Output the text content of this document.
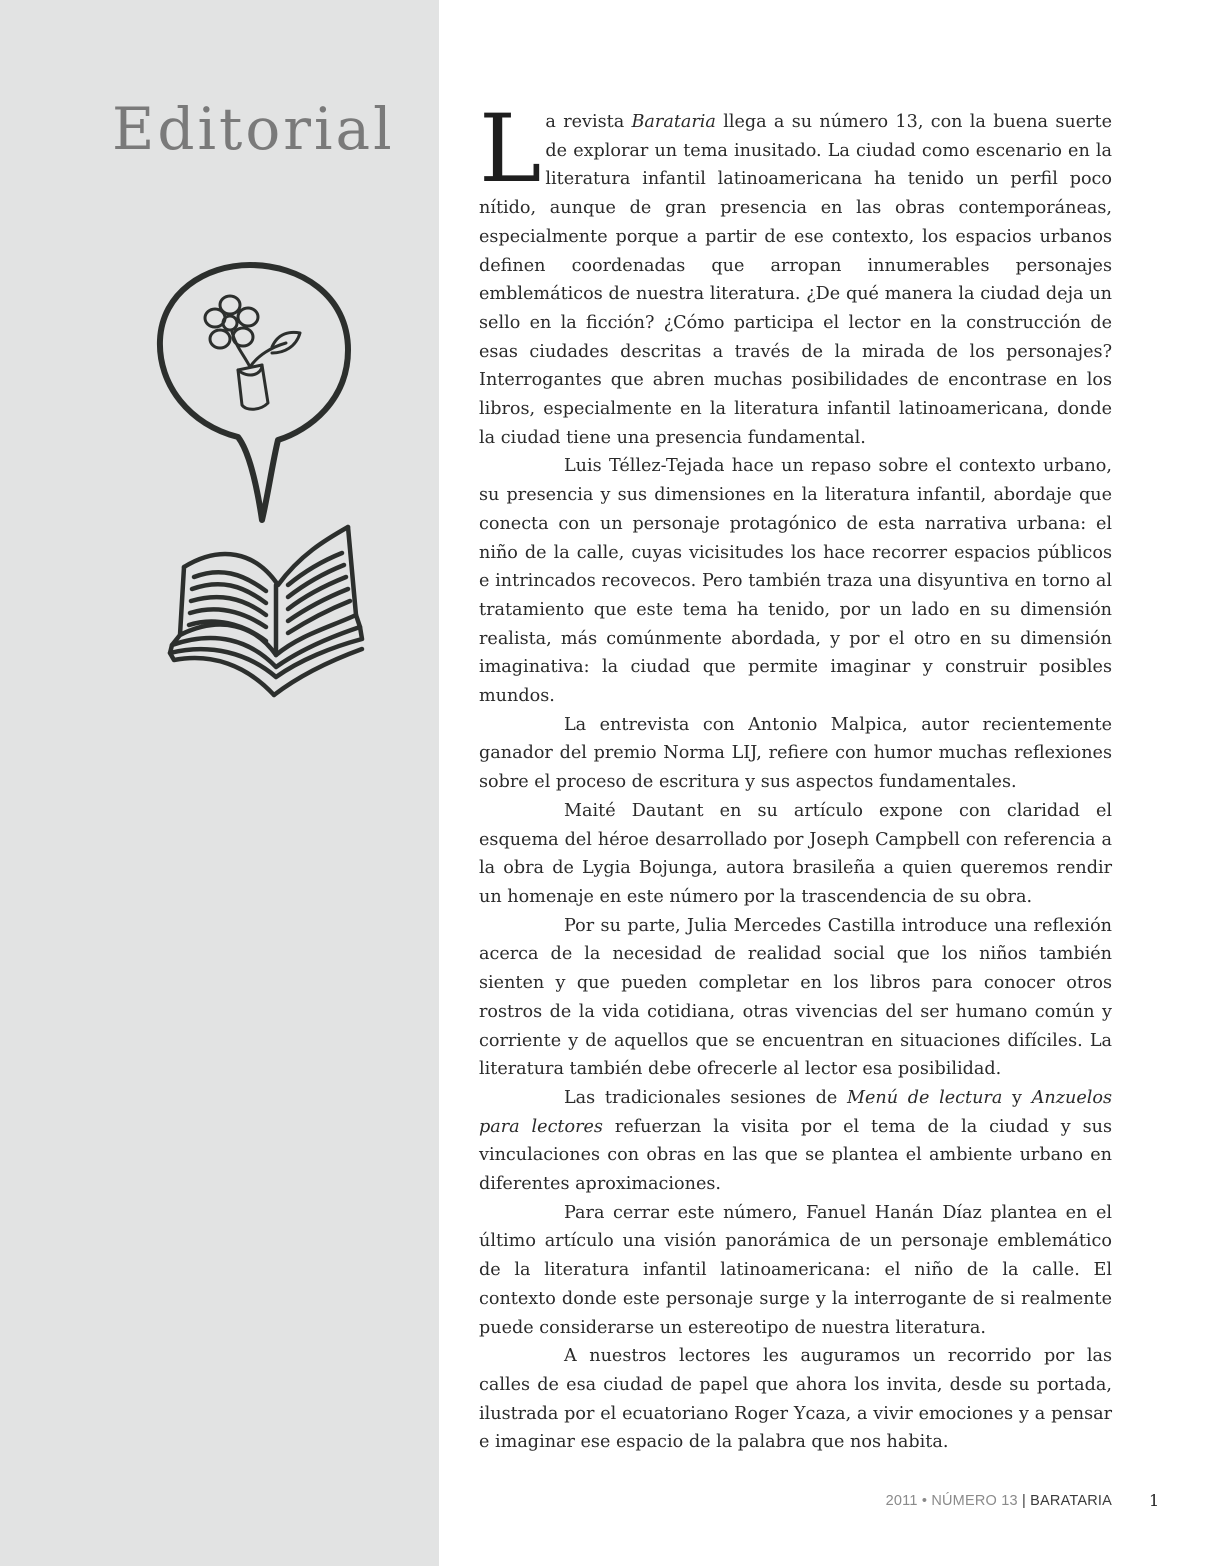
Editorial La revista Barataria llega a su número 13, con la buena suerte de explorar un tema inusitado. La ciudad como escenario en la literatura infantil latinoamericana ha tenido un perfil poco nítido, aunque de gran presencia en las obras contemporáneas, especialmente porque a partir de ese contexto, los espacios urbanos definen coordenadas que arropan innumerables personajes emblemáticos de nuestra literatura. ¿De qué manera la ciudad deja un sello en la ficción? ¿Cómo participa el lector en la construcción de esas ciudades descritas a través de la mirada de los personajes? Interrogantes que abren muchas posibilidades de encontrase en los libros, especialmente en la literatura infantil latinoamericana, donde la ciudad tiene una presencia fundamental.

Luis Téllez-Tejada hace un repaso sobre el contexto urbano, su presencia y sus dimensiones en la literatura infantil, abordaje que conecta con un personaje protagónico de esta narrativa urbana: el niño de la calle, cuyas vicisitudes los hace recorrer espacios públicos e intrincados recovecos. Pero también traza una disyuntiva en torno al tratamiento que este tema ha tenido, por un lado en su dimensión realista, más comúnmente abordada, y por el otro en su dimensión imaginativa: la ciudad que permite imaginar y construir posibles mundos.

La entrevista con Antonio Malpica, autor recientemente ganador del premio Norma LIJ, refiere con humor muchas reflexiones sobre el proceso de escritura y sus aspectos fundamentales.

Maité Dautant en su artículo expone con claridad el esquema del héroe desarrollado por Joseph Campbell con referencia a la obra de Lygia Bojunga, autora brasileña a quien queremos rendir un homenaje en este número por la trascendencia de su obra.

Por su parte, Julia Mercedes Castilla introduce una reflexión acerca de la necesidad de realidad social que los niños también sienten y que pueden completar en los libros para conocer otros rostros de la vida cotidiana, otras vivencias del ser humano común y corriente y de aquellos que se encuentran en situaciones difíciles. La literatura también debe ofrecerle al lector esa posibilidad.

Las tradicionales sesiones de Menú de lectura y Anzuelos para lectores refuerzan la visita por el tema de la ciudad y sus vinculaciones con obras en las que se plantea el ambiente urbano en diferentes aproximaciones.

Para cerrar este número, Fanuel Hanán Díaz plantea en el último artículo una visión panorámica de un personaje emblemático de la literatura infantil latinoamericana: el niño de la calle. El contexto donde este personaje surge y la interrogante de si realmente puede considerarse un estereotipo de nuestra literatura.

A nuestros lectores les auguramos un recorrido por las calles de esa ciudad de papel que ahora los invita, desde su portada, ilustrada por el ecuatoriano Roger Ycaza, a vivir emociones y a pensar e imaginar ese espacio de la palabra que nos habita.

2011 • NÚMERO 13 | BARATARIA 1
